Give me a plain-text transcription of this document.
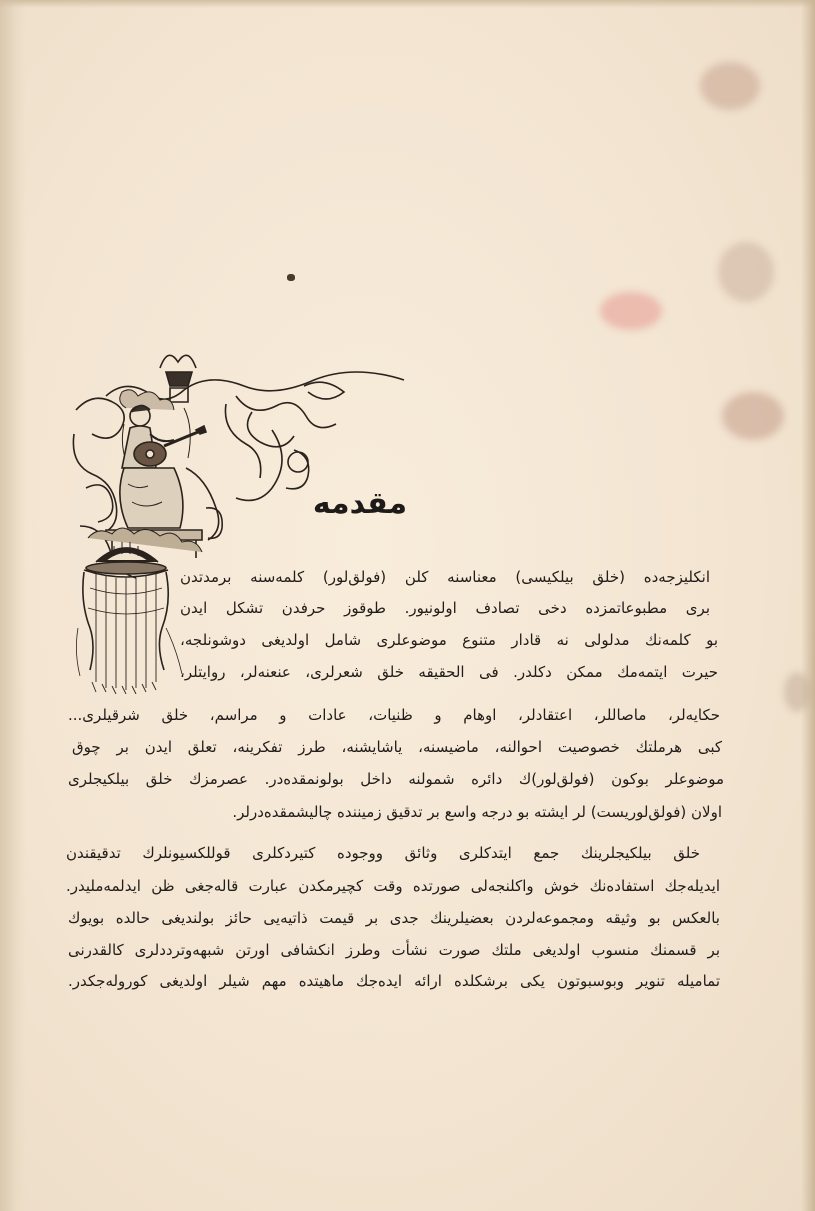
مقدمه
انکلیزجه‌ده (خلق بیلکیسی) معناسنه کلن (فولق‌لور) کلمه‌سنه برمدتدن
بری مطبوعاتمزده دخی تصادف اولونیور. طوقوز حرفدن تشکل ایدن
بو کلمه‌نك مدلولی نه قادار متنوع موضوعلری شامل اولدیغی دوشونلجه،
حیرت ایتمه‌مك ممكن دکلدر. فی الحقیقه خلق شعرلری، عنعنه‌لر، روایتلر،
حکایه‌لر، ماصاللر، اعتقادلر، اوهام و ظنیات، عادات و مراسم، خلق شرقیلری...
کبی هرملتك خصوصیت احوالنه، ماضیسنه، یاشایشنه، طرز تفکرینه، تعلق ایدن بر چوق
موضوعلر بوکون (فولق‌لور)ك دائره شمولنه داخل بولونمقده‌در. عصرمزك خلق بیلکیجلری
اولان (فولق‌لوریست) لر ایشته بو درجه واسع بر تدقیق زمیننده چالیشمقده‌درلر.
خلق بیلکیجلرینك جمع ایتدکلری وثائق ووجوده کتیردکلری قوللکسیونلرك تدقیقندن
ایدیله‌جك استفاده‌نك خوش واکلنجه‌لی صورتده وقت کچیرمکدن عبارت قاله‌جغی ظن ایدلمه‌ملیدر.
بالعکس بو وثیقه ومجموعه‌لردن بعضیلرینك جدی بر قیمت ذاتیه‌یی حائز بولندیغی حالده بویوك
بر قسمنك منسوب اولدیغی ملتك صورت نشأت وطرز انکشافی اورتن شبهه‌وترددلری کالقدرنی
تمامیله تنویر وبوسبوتون یکی برشکلده ارائه ایده‌جك ماهیتده مهم شیلر اولدیغی کوروله‌جکدر.
